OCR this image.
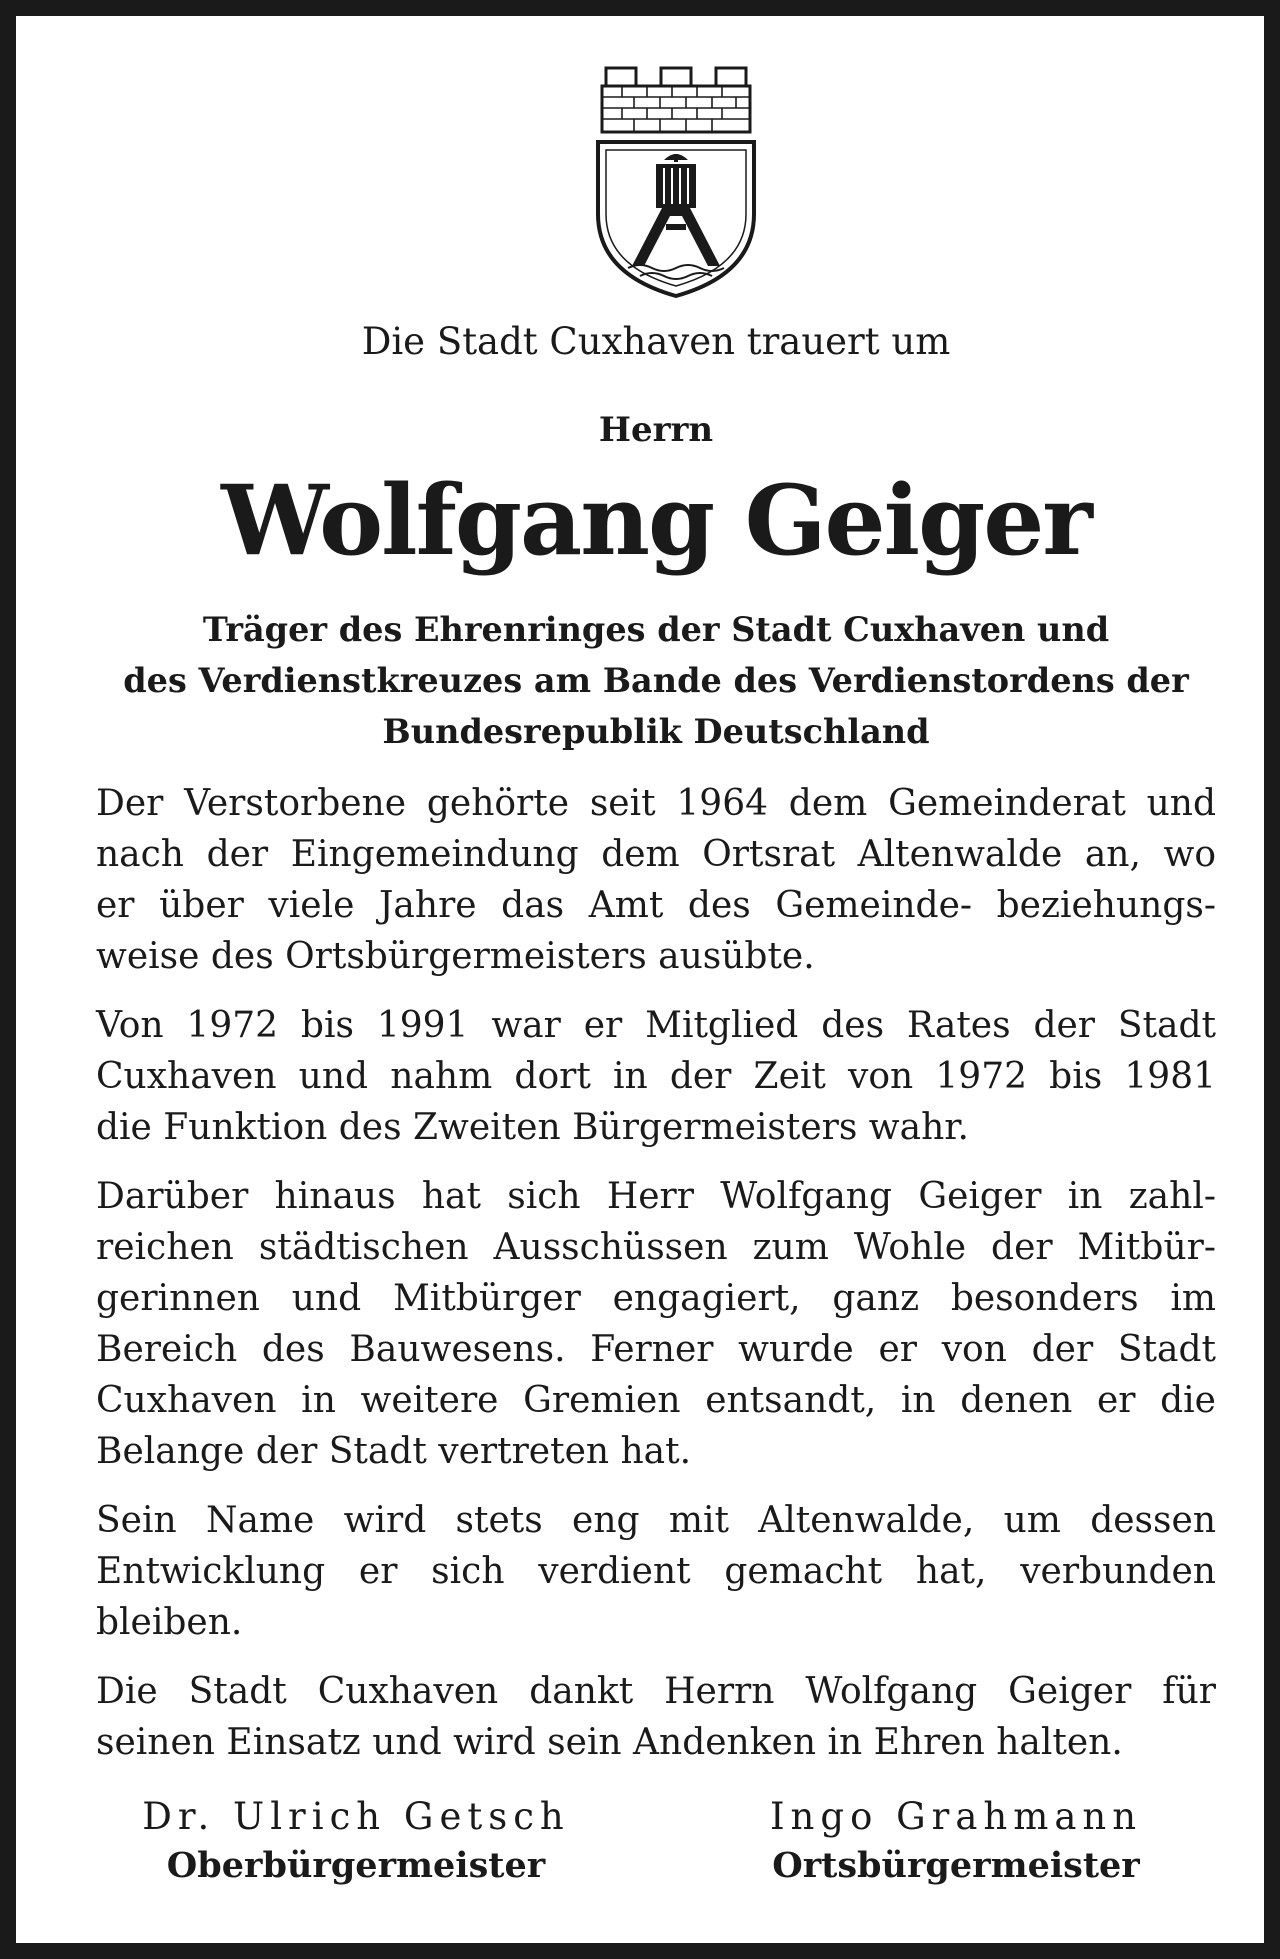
Die Stadt Cuxhaven trauert um
Herrn
Wolfgang Geiger
Träger des Ehrenringes der Stadt Cuxhaven und
des Verdienstkreuzes am Bande des Verdienstordens der
Bundesrepublik Deutschland

Der Verstorbene gehörte seit 1964 dem Gemeinderat und
nach der Eingemeindung dem Ortsrat Altenwalde an, wo
er über viele Jahre das Amt des Gemeinde- beziehungs-
weise des Ortsbürgermeisters ausübte.

Von 1972 bis 1991 war er Mitglied des Rates der Stadt
Cuxhaven und nahm dort in der Zeit von 1972 bis 1981
die Funktion des Zweiten Bürgermeisters wahr.

Darüber hinaus hat sich Herr Wolfgang Geiger in zahl-
reichen städtischen Ausschüssen zum Wohle der Mitbür-
gerinnen und Mitbürger engagiert, ganz besonders im
Bereich des Bauwesens. Ferner wurde er von der Stadt
Cuxhaven in weitere Gremien entsandt, in denen er die
Belange der Stadt vertreten hat.

Sein Name wird stets eng mit Altenwalde, um dessen
Entwicklung er sich verdient gemacht hat, verbunden
bleiben.

Die Stadt Cuxhaven dankt Herrn Wolfgang Geiger für
seinen Einsatz und wird sein Andenken in Ehren halten.

Dr. Ulrich Getsch
Oberbürgermeister
Ingo Grahmann
Ortsbürgermeister
